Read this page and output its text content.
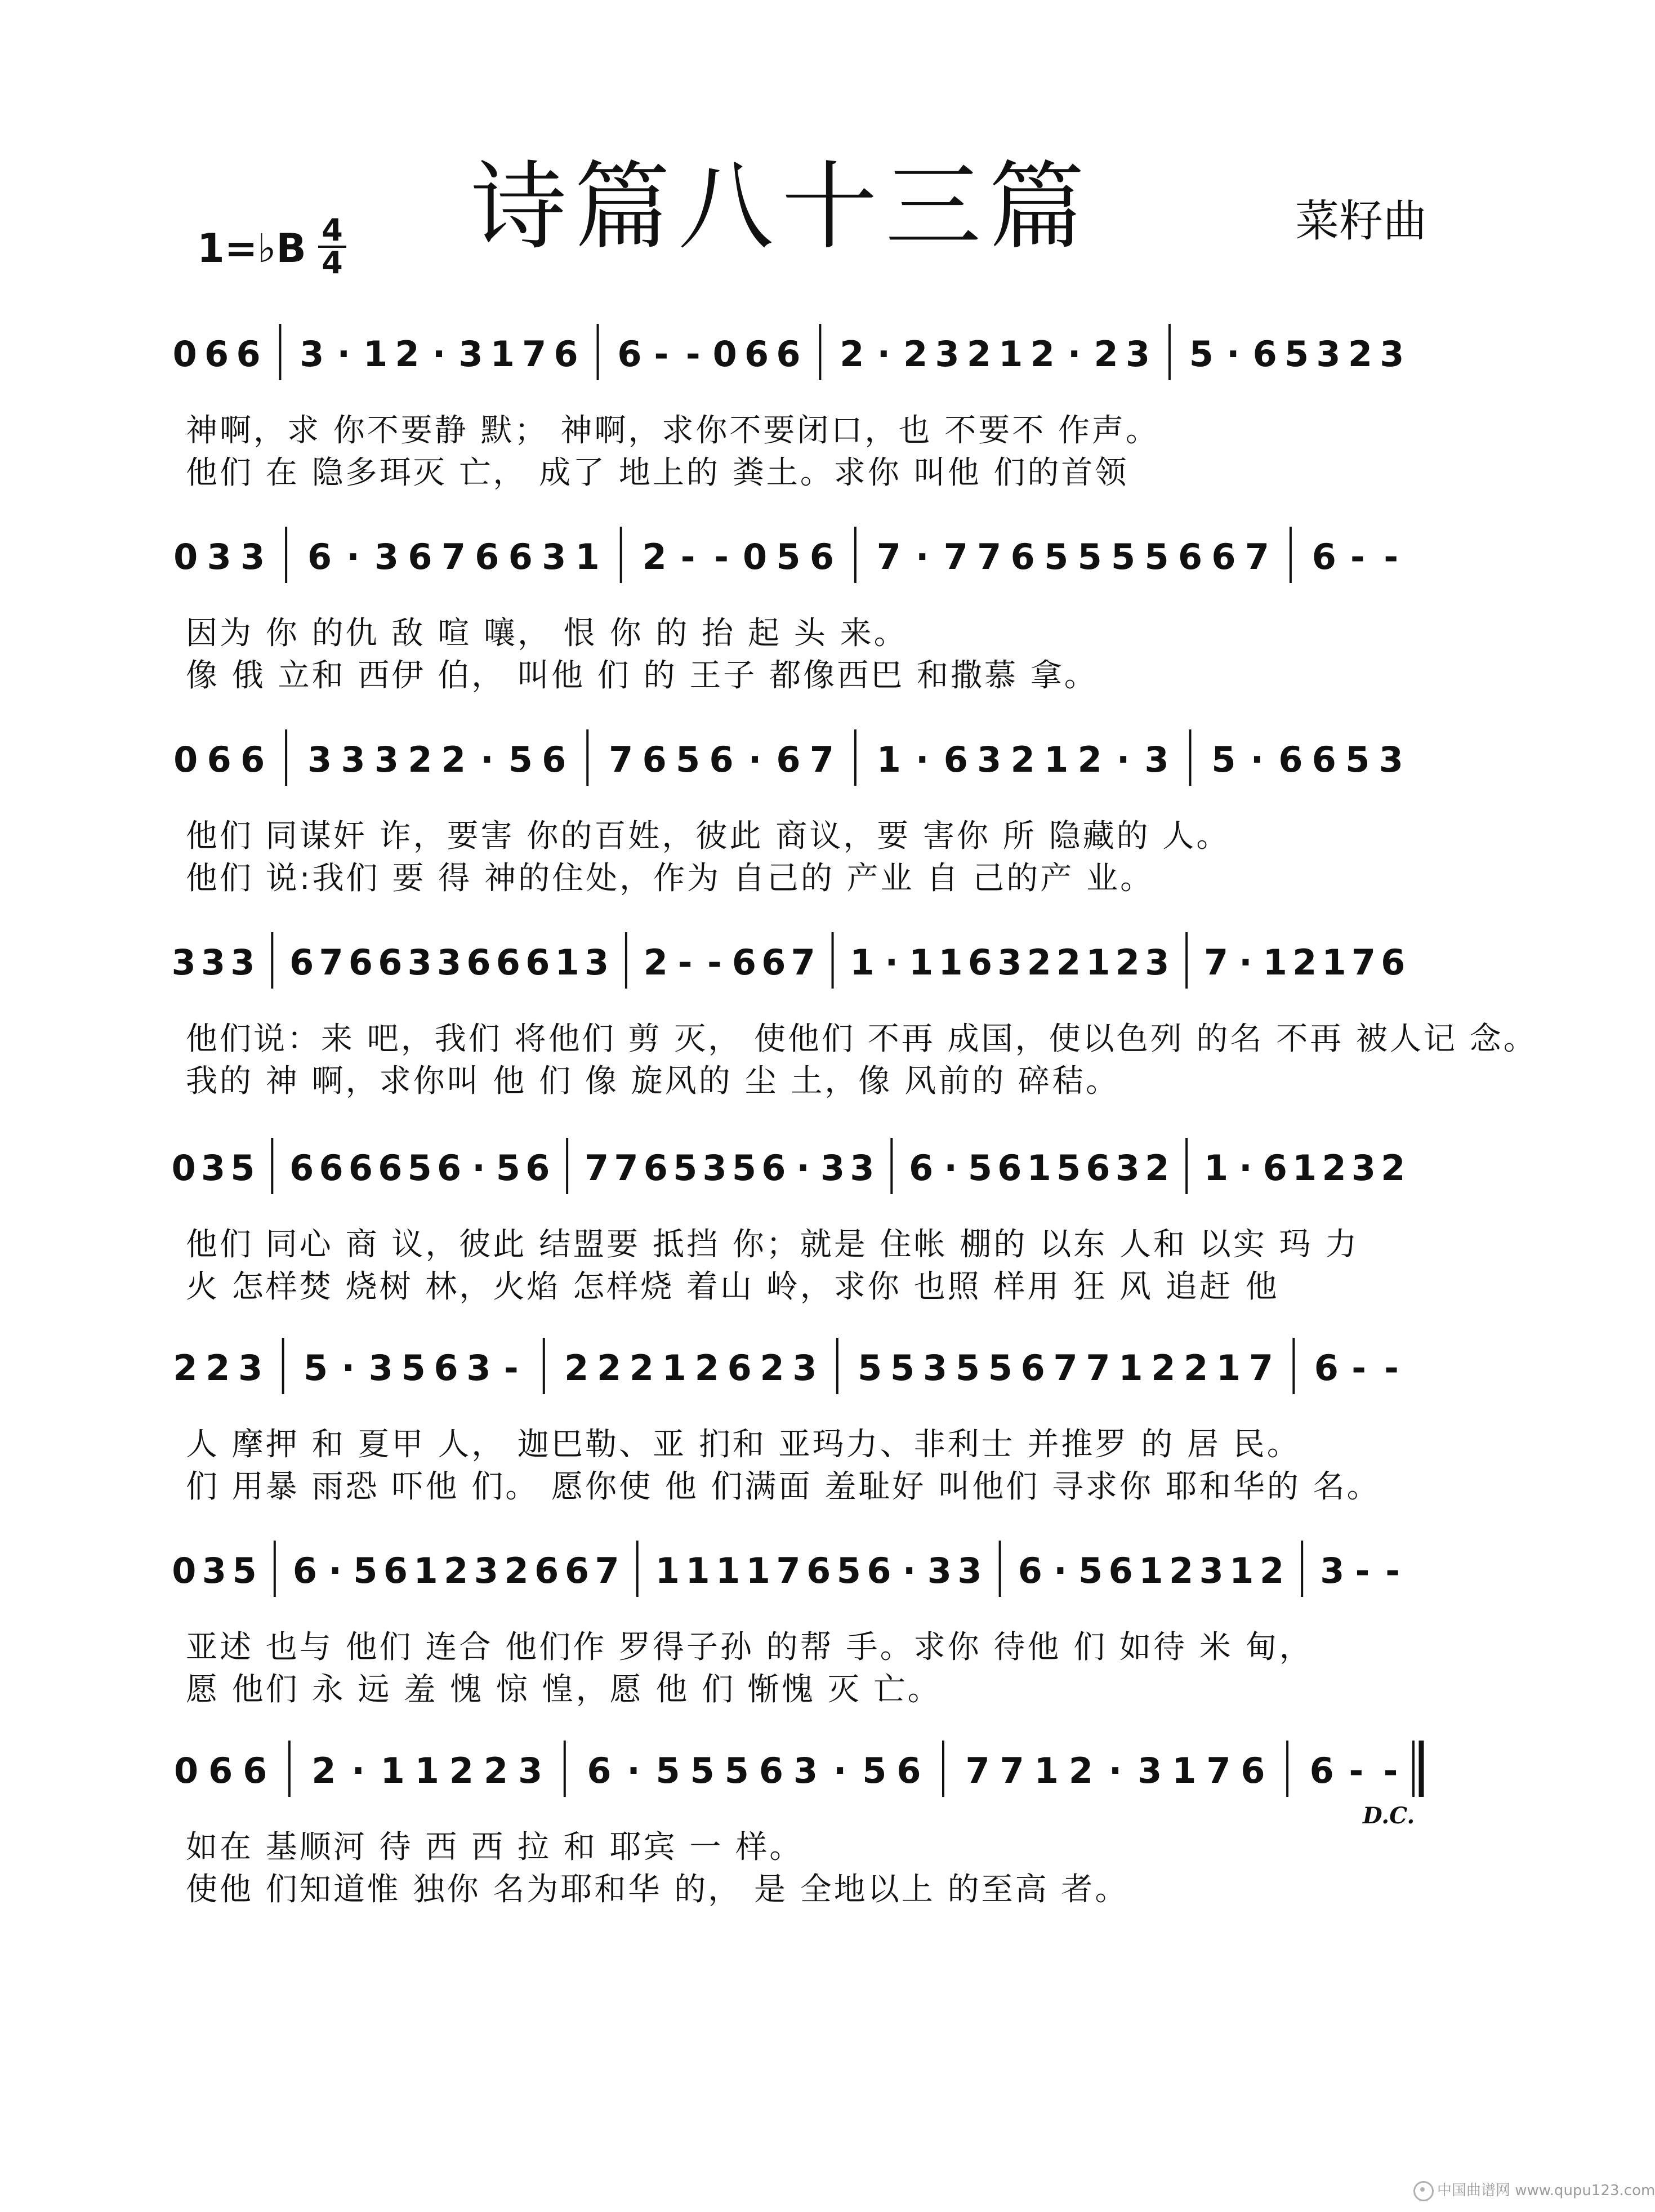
诗篇八十三篇	菜籽曲
1=♭B $\frac{4}{4}$
0 6 6 3 · 1 2 · 3 1 7 6 6 - - 0 6 6 2 · 2 3 2 1 2 · 2 3 5 · 6 5 3 2 3
神啊，求 你不要静 默； 神啊，求你不要闭口，也 不要不 作声。
他们 在 隐多珥灭 亡， 成了 地上的 粪土。求你 叫他 们的首领
0 3 3 6 · 3 6 7 6 6 3 1 2 - - 0 5 6 7 · 7 7 6 5 5 5 5 6 6 7 6 - -
因为 你 的仇 敌 喧 嚷， 恨 你 的 抬 起 头 来。
像 俄 立和 西伊 伯， 叫他 们 的 王子 都像西巴 和撒慕 拿。
0 6 6 3 3 3 2 2 · 5 6 7 6 5 6 · 6 7 1 · 6 3 2 1 2 · 3 5 · 6 6 5 3
他们 同谋奸 诈，要害 你的百姓，彼此 商议，要 害你 所 隐藏的 人。
他们 说:我们 要 得 神的住处，作为 自己的 产业 自 己的产 业。
3 3 3 6 7 6 6 3 3 6 6 6 1 3 2 - - 6 6 7 1 · 1 1 6 3 2 2 1 2 3 7 · 1 2 1 7 6
他们说：来 吧，我们 将他们 剪 灭， 使他们 不再 成国，使以色列 的名 不再 被人记 念。
我的 神 啊，求你叫 他 们 像 旋风的 尘 土，像 风前的 碎秸。
0 3 5 6 6 6 6 5 6 · 5 6 7 7 6 5 3 5 6 · 3 3 6 · 5 6 1 5 6 3 2 1 · 6 1 2 3 2
他们 同心 商 议，彼此 结盟要 抵挡 你；就是 住帐 棚的 以东 人和 以实 玛 力
火 怎样焚 烧树 林，火焰 怎样烧 着山 岭，求你 也照 样用 狂 风 追赶 他
2 2 3 5 · 3 5 6 3 - 2 2 2 1 2 6 2 3 5 5 3 5 5 6 7 7 1 2 2 1 7 6 - -
人 摩押 和 夏甲 人， 迦巴勒、亚 扪和 亚玛力、非利士 并推罗 的 居 民。
们 用暴 雨恐 吓他 们。 愿你使 他 们满面 羞耻好 叫他们 寻求你 耶和华的 名。
0 3 5 6 · 5 6 1 2 3 2 6 6 7 1 1 1 1 7 6 5 6 · 3 3 6 · 5 6 1 2 3 1 2 3 - -
亚述 也与 他们 连合 他们作 罗得子孙 的帮 手。求你 待他 们 如待 米 甸，
愿 他们 永 远 羞 愧 惊 惶，愿 他 们 惭愧 灭 亡。
0 6 6 2 · 1 1 2 2 3 6 · 5 5 5 6 3 · 5 6 7 7 1 2 · 3 1 7 6 6 - -
如在 基顺河 待 西 西 拉 和 耶宾 一 样。
使他 们知道惟 独你 名为耶和华 的， 是 全地以上 的至高 者。
D.C.
中国曲谱网 www.qupu123.com
